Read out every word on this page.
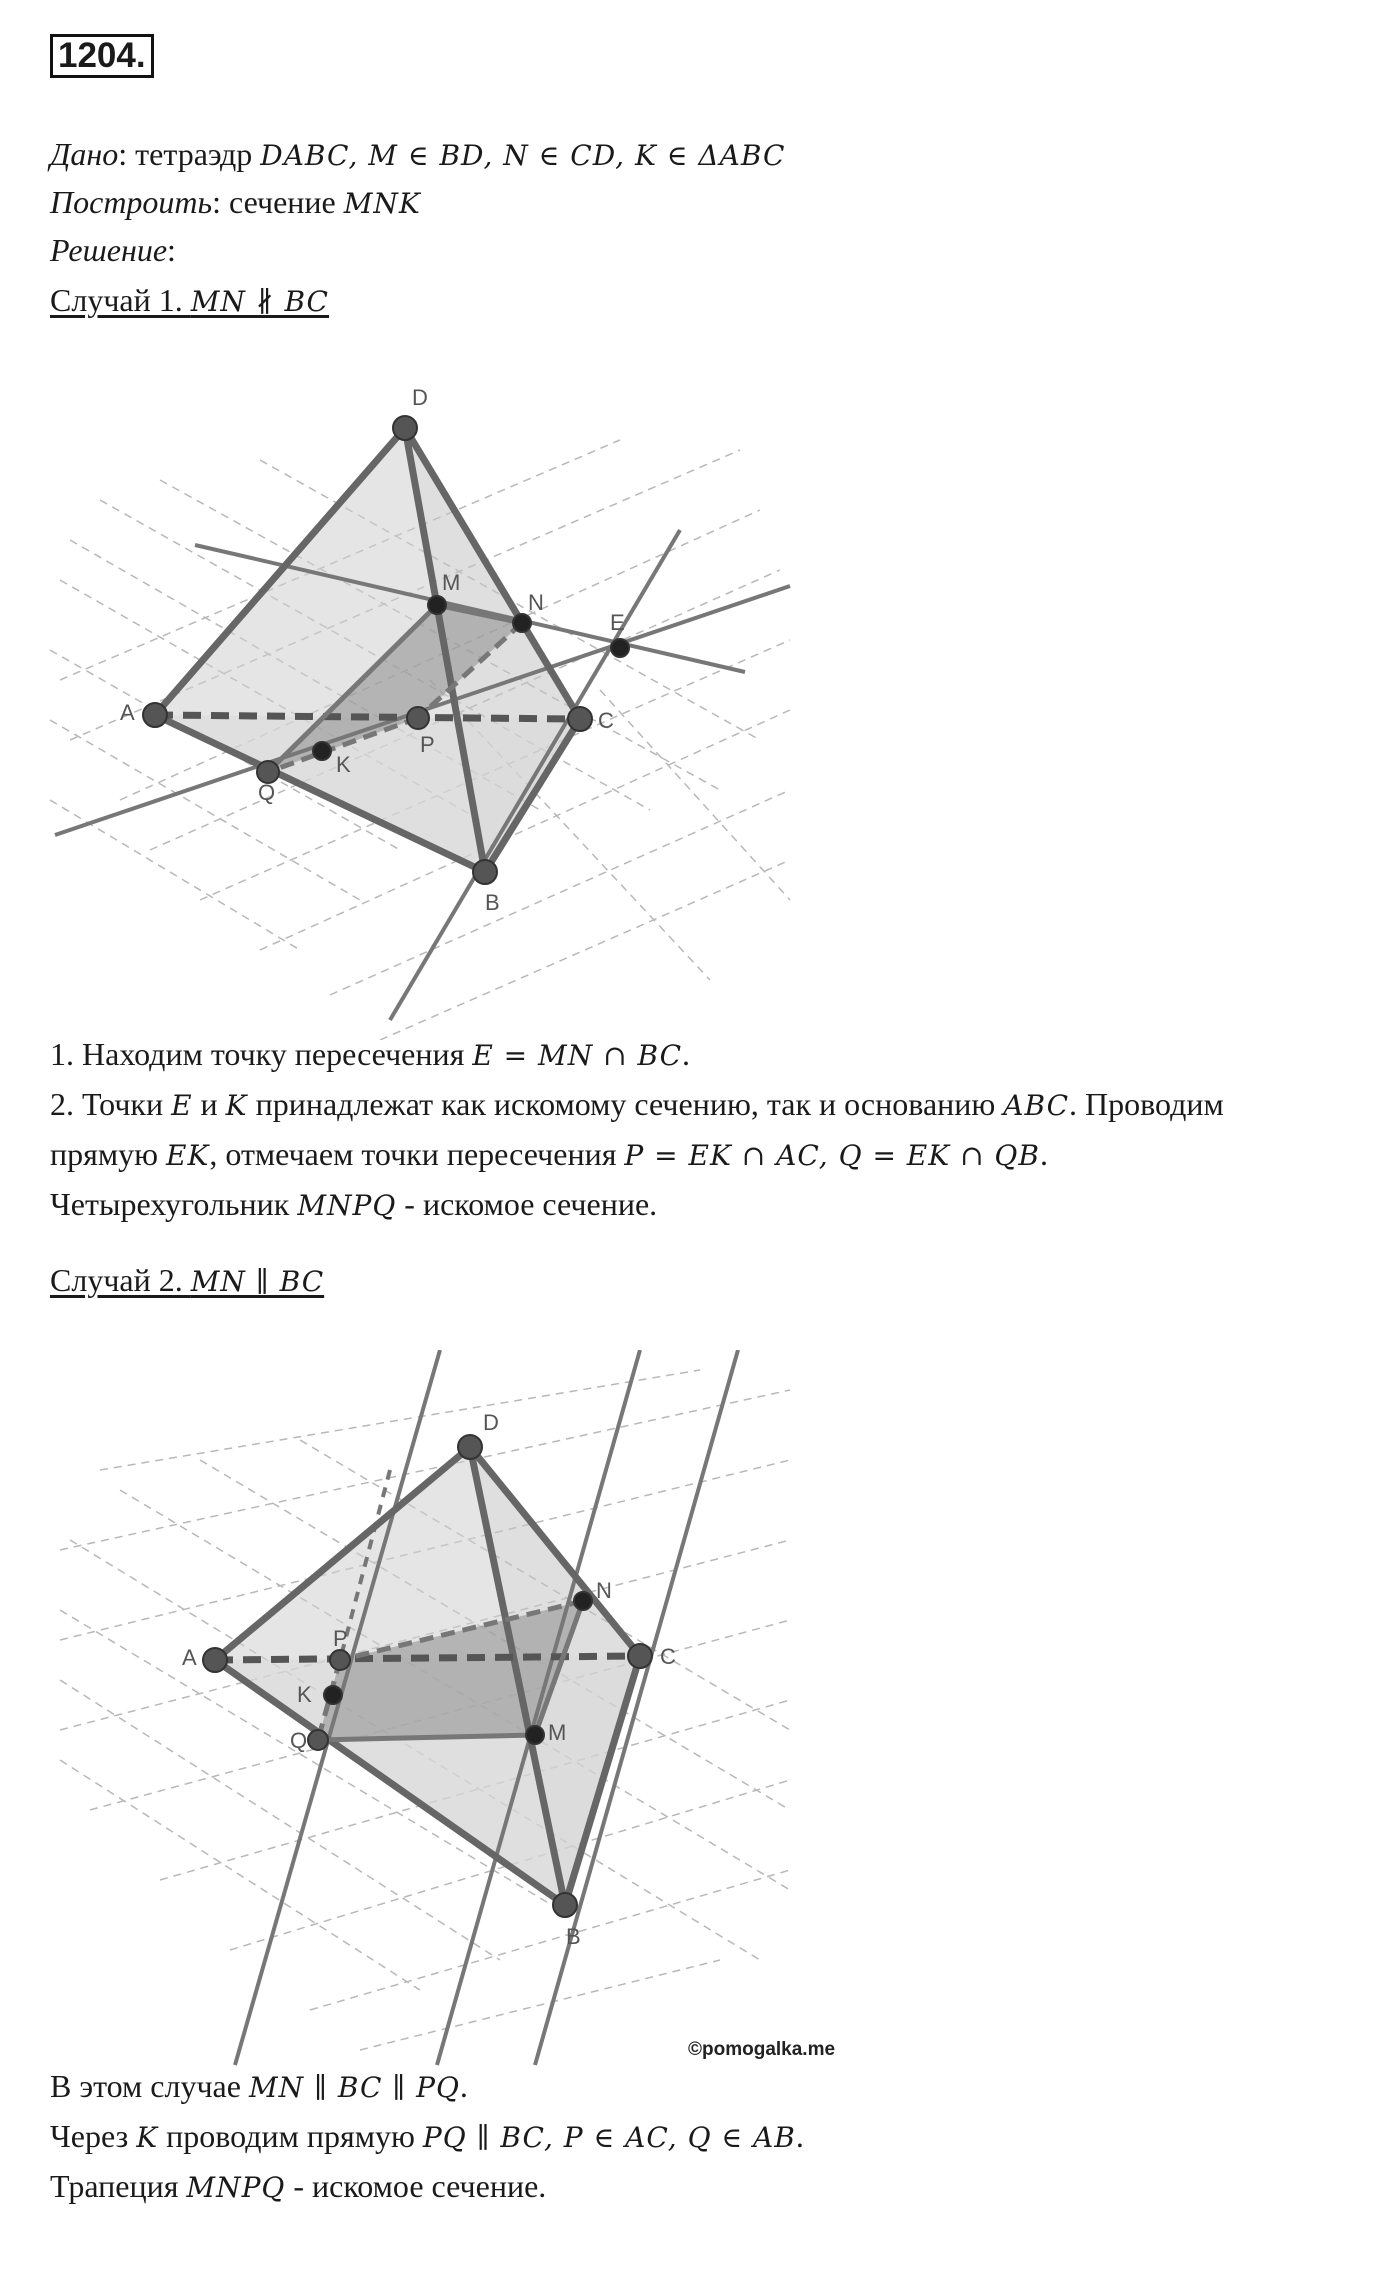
1204.
Дано: тетраэдр DABC, M ∈ BD, N ∈ CD, K ∈ ΔABC
Построить: сечение MNK
Решение:
Случай 1. MN ∦ BC
D
M
N
E
A
P
C
Q
K
B
1. Находим точку пересечения E = MN ∩ BC.
2. Точки E и K принадлежат как искомому сечению, так и основанию ABC. Проводим
прямую EK, отмечаем точки пересечения P = EK ∩ AC, Q = EK ∩ QB.
Четырехугольник MNPQ - искомое сечение.
Случай 2. MN ∥ BC
D
N
P
A	C
K
Q	M
B
©pomogalka.me
В этом случае MN ∥ BC ∥ PQ.
Через K проводим прямую PQ ∥ BC, P ∈ AC, Q ∈ AB.
Трапеция MNPQ - искомое сечение.
